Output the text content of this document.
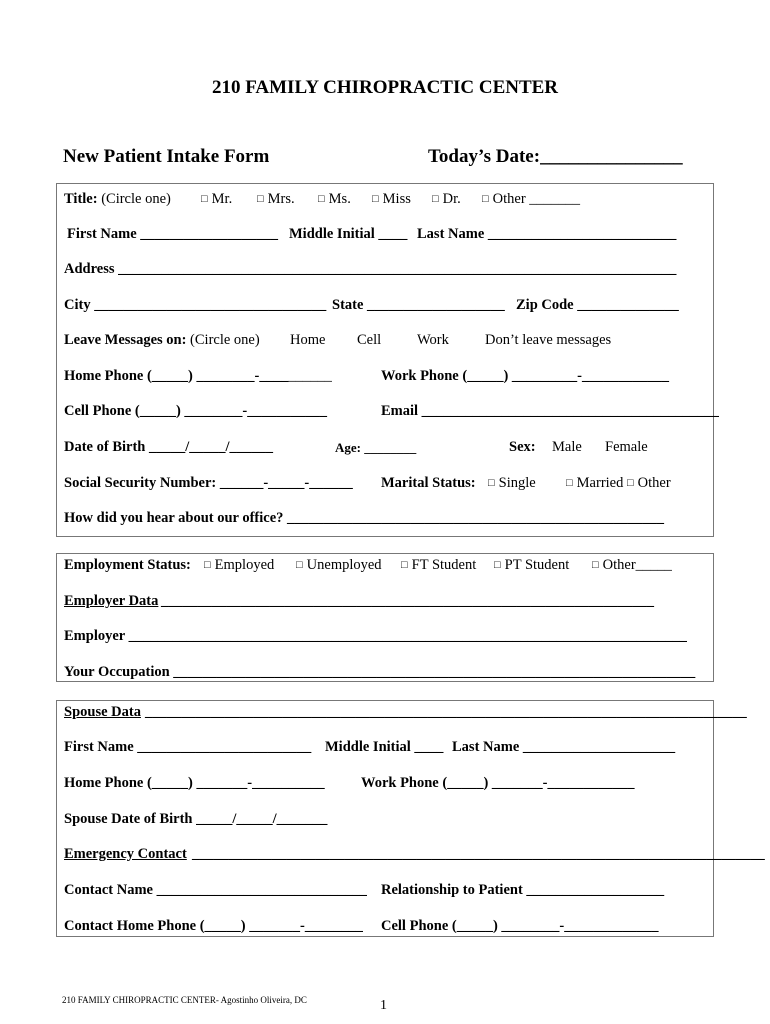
210 FAMILY CHIROPRACTIC CENTER
New Patient Intake Form	Today’s Date:_______________
Title: (Circle one)	□ Mr.	□ Mrs.	□ Ms.	□ Miss	□ Dr.	□ Other _______
First Name ___________________ Middle Initial ____ Last Name __________________________
Address _____________________________________________________________________________
City ________________________________ State ___________________ Zip Code ______________
Leave Messages on: (Circle one) Home Cell Work Don’t leave messages
Home Phone (_____) ________-__________	Work Phone (_____) _________-____________
Cell Phone (_____) ________-___________	Email _________________________________________
Date of Birth _____/_____/______	Age: ________	Sex: Male Female
Social Security Number: ______-_____-______ Marital Status:	□ Single	□ Married □ Other
How did you hear about our office? ____________________________________________________
Employment Status:	□ Employed	□ Unemployed	□ FT Student	□ PT Student	□ Other_____
Employer Data ____________________________________________________________________
Employer _____________________________________________________________________________
Your Occupation ________________________________________________________________________
Spouse Data ___________________________________________________________________________________
First Name ________________________ Middle Initial ____ Last Name _____________________
Home Phone (_____) _______-__________	Work Phone (_____) _______-____________
Spouse Date of Birth _____/_____/_______
Emergency Contact _______________________________________________________________________________
Contact Name _____________________________ Relationship to Patient ___________________
Contact Home Phone (_____) _______-________ Cell Phone (_____) ________-_____________
210 FAMILY CHIROPRACTIC CENTER- Agostinho Oliveira, DC	1
